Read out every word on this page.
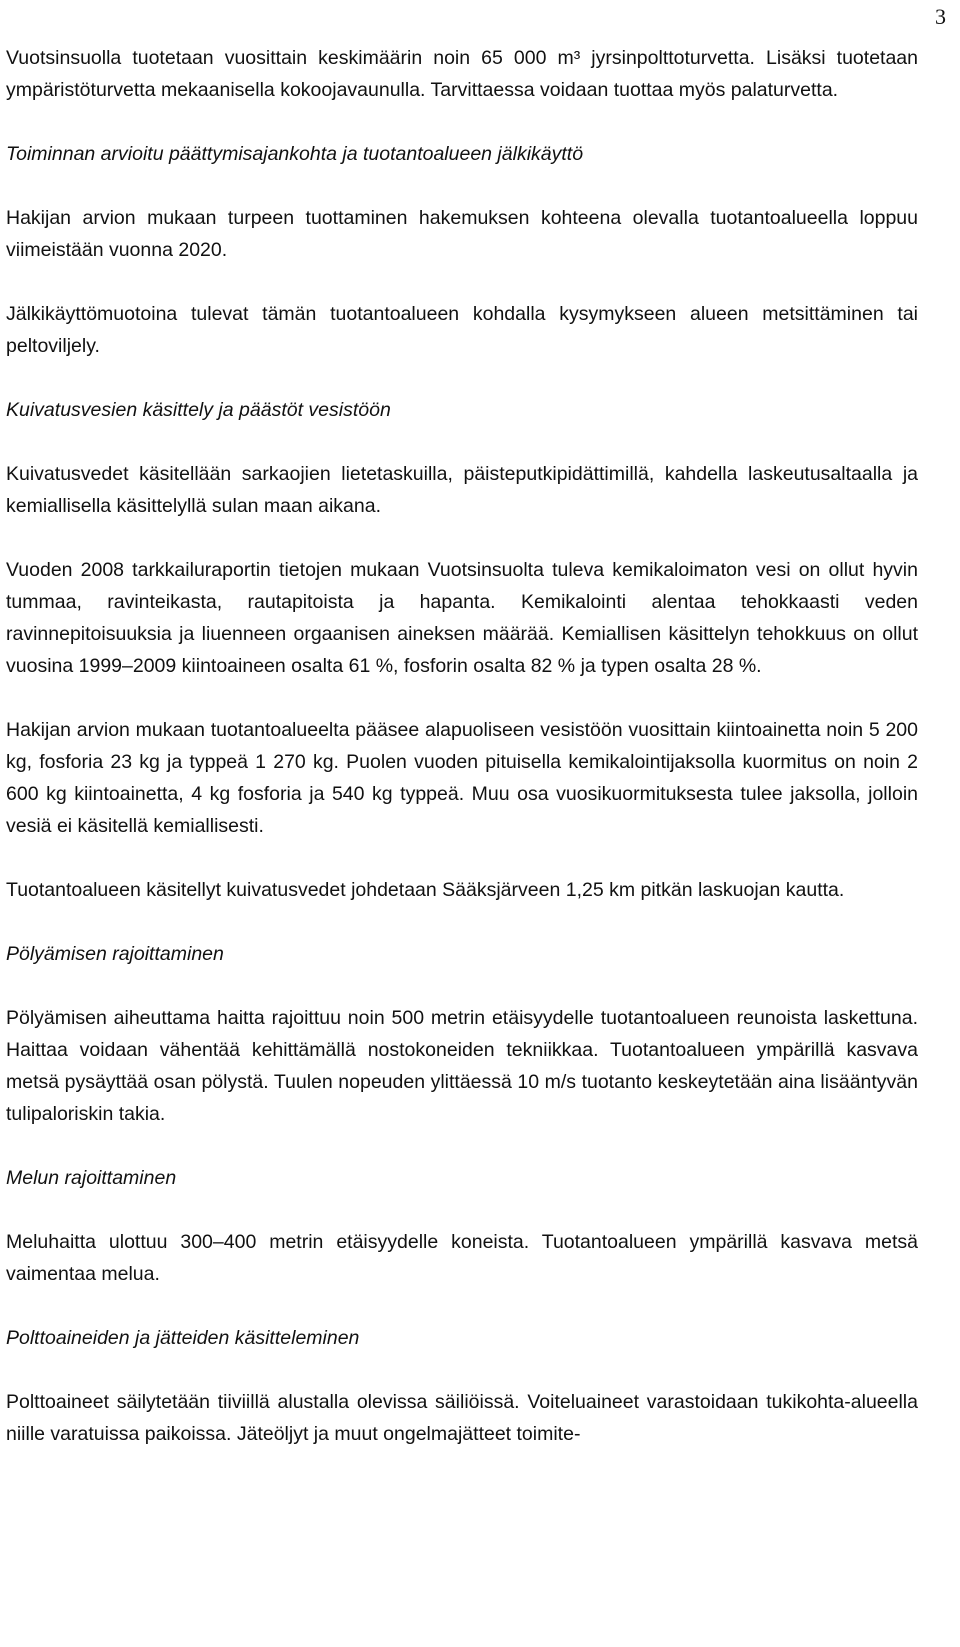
3

Vuotsinsuolla tuotetaan vuosittain keskimäärin noin 65 000 m³ jyrsinpolttoturvetta. Lisäksi tuotetaan ympäristöturvetta mekaanisella kokoojavaunulla. Tarvittaessa voidaan tuottaa myös palaturvetta.

Toiminnan arvioitu päättymisajankohta ja tuotantoalueen jälkikäyttö

Hakijan arvion mukaan turpeen tuottaminen hakemuksen kohteena olevalla tuotantoalueella loppuu viimeistään vuonna 2020.

Jälkikäyttömuotoina tulevat tämän tuotantoalueen kohdalla kysymykseen alueen metsittäminen tai peltoviljely.

Kuivatusvesien käsittely ja päästöt vesistöön

Kuivatusvedet käsitellään sarkaojien lietetaskuilla, päisteputkipidättimillä, kahdella laskeutusaltaalla ja kemiallisella käsittelyllä sulan maan aikana.

Vuoden 2008 tarkkailuraportin tietojen mukaan Vuotsinsuolta tuleva kemikaloimaton vesi on ollut hyvin tummaa, ravinteikasta, rautapitoista ja hapanta. Kemikalointi alentaa tehokkaasti veden ravinnepitoisuuksia ja liuenneen orgaanisen aineksen määrää. Kemiallisen käsittelyn tehokkuus on ollut vuosina 1999–2009 kiintoaineen osalta 61 %, fosforin osalta 82 % ja typen osalta 28 %.

Hakijan arvion mukaan tuotantoalueelta pääsee alapuoliseen vesistöön vuosittain kiintoainetta noin 5 200 kg, fosforia 23 kg ja typpeä 1 270 kg. Puolen vuoden pituisella kemikalointijaksolla kuormitus on noin 2 600 kg kiintoainetta, 4 kg fosforia ja 540 kg typpeä. Muu osa vuosikuormituksesta tulee jaksolla, jolloin vesiä ei käsitellä kemiallisesti.

Tuotantoalueen käsitellyt kuivatusvedet johdetaan Sääksjärveen 1,25 km pitkän laskuojan kautta.

Pölyämisen rajoittaminen

Pölyämisen aiheuttama haitta rajoittuu noin 500 metrin etäisyydelle tuotantoalueen reunoista laskettuna. Haittaa voidaan vähentää kehittämällä nostokoneiden tekniikkaa. Tuotantoalueen ympärillä kasvava metsä pysäyttää osan pölystä. Tuulen nopeuden ylittäessä 10 m/s tuotanto keskeytetään aina lisääntyvän tulipaloriskin takia.

Melun rajoittaminen

Meluhaitta ulottuu 300–400 metrin etäisyydelle koneista. Tuotantoalueen ympärillä kasvava metsä vaimentaa melua.

Polttoaineiden ja jätteiden käsitteleminen

Polttoaineet säilytetään tiiviillä alustalla olevissa säiliöissä. Voiteluaineet varastoidaan tukikohta-alueella niille varatuissa paikoissa. Jäteöljyt ja muut ongelmajätteet toimite-
